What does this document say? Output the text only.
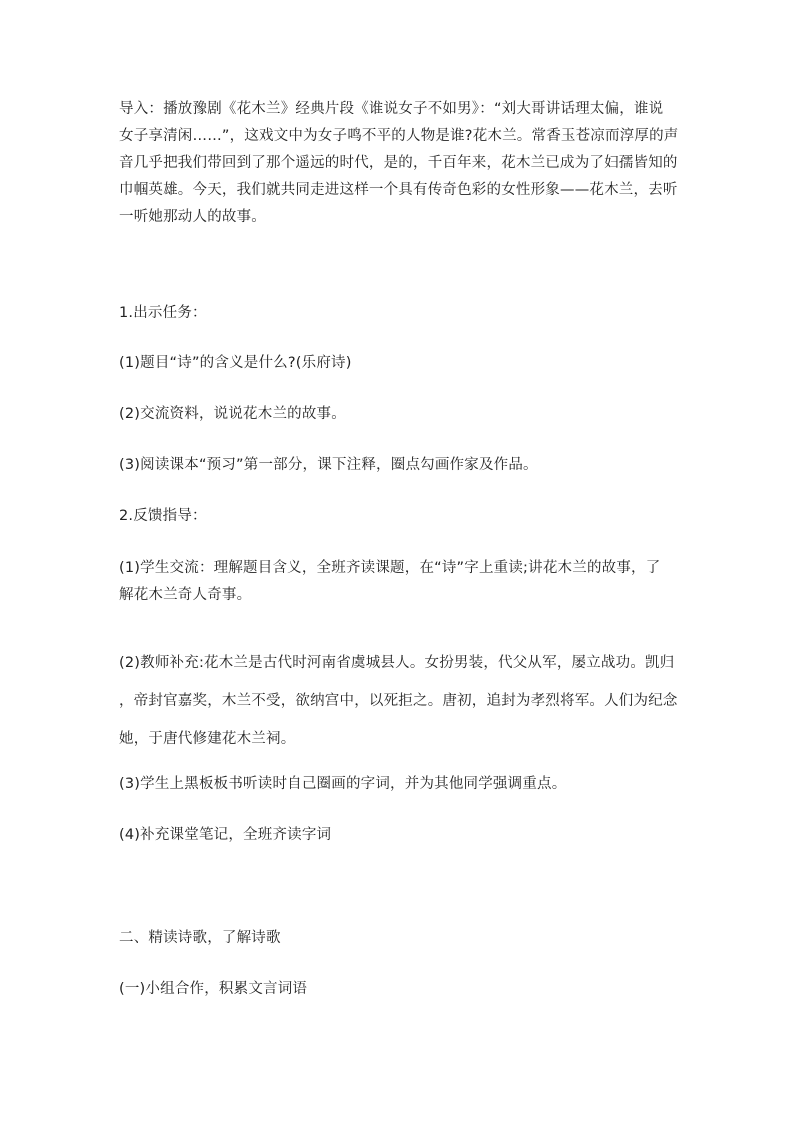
导入：播放豫剧《花木兰》经典片段《谁说女子不如男》：“刘大哥讲话理太偏，谁说
女子享清闲……”，这戏文中为女子鸣不平的人物是谁?花木兰。常香玉苍凉而淳厚的声
音几乎把我们带回到了那个遥远的时代，是的，千百年来，花木兰已成为了妇孺皆知的
巾帼英雄。今天，我们就共同走进这样一个具有传奇色彩的女性形象——花木兰，去听
一听她那动人的故事。

1.出示任务：

(1)题目“诗”的含义是什么?(乐府诗)

(2)交流资料，说说花木兰的故事。

(3)阅读课本“预习”第一部分，课下注释，圈点勾画作家及作品。

2.反馈指导：

(1)学生交流：理解题目含义，全班齐读课题，在“诗”字上重读;讲花木兰的故事，了
解花木兰奇人奇事。

(2)教师补充:花木兰是古代时河南省虞城县人。女扮男装，代父从军，屡立战功。凯归
，帝封官嘉奖，木兰不受，欲纳宫中，以死拒之。唐初，追封为孝烈将军。人们为纪念
她，于唐代修建花木兰祠。

(3)学生上黑板板书听读时自己圈画的字词，并为其他同学强调重点。

(4)补充课堂笔记，全班齐读字词

二、精读诗歌，了解诗歌

(一)小组合作，积累文言词语
